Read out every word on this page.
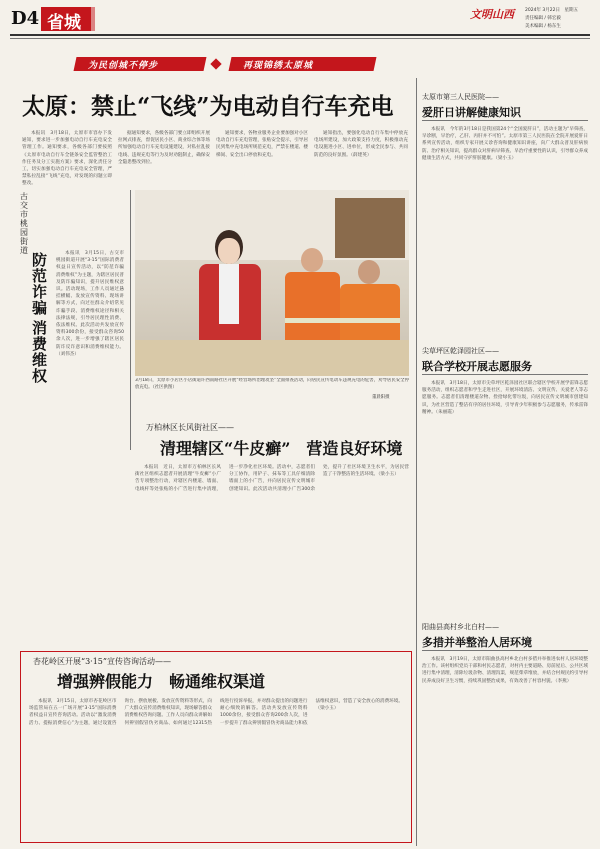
D4 省城	文明山西 2024年 3月22日　星期五
责任编辑 / 韩宏毅
美术编辑 / 杨东生
为民创城不停步	再现锦绣太原城
太原：禁止“飞线”为电动自行车充电

本报讯　3月18日，太原市市容办下发通知，要求进一步加强电动自行车充电安全管理工作。通知要求，各级各部门要按照《太原市电动自行车全链条安全监管整治工作任务及分工实施方案》要求，深化责任分工，切实加强电动自行车充电安全管理，严禁私拉乱接“飞线”充电，对发现的问题立即整改。

据通知要求，各级各部门要立即组织开展拉网式排查，督促居民小区、商业综合体等场所加强电动自行车充电设施建设，对私拉乱接电线、违规充电等行为及时劝阻制止，确保安全隐患整改到位。

通知要求，各物业服务企业要加强对小区电动自行车充电管理，张贴安全提示，引导居民到集中充电场所规范充电，严禁在楼道、楼梯间、安全出口停放和充电。

通知指出，要强化电动自行车集中停放充电场所建设，加大政策支持力度，积极推动充电设施进小区、进单位，形成全民参与、共同防范的良好氛围。（薛建英）

古交市桃园街道
防范诈骗
消费维权

本报讯　3月15日，古交市桃园街道开展“3·15”国际消费者权益日宣传活动，以“防范诈骗 消费维权”为主题，为辖区居民普及防诈骗知识，提升居民维权意识。活动现场，工作人员通过悬挂横幅、发放宣传资料、现场讲解等方式，向过往群众介绍常见诈骗手段、消费维权途径和相关法律法规，引导居民理性消费、依法维权。此次活动共发放宣传资料300余份，接受群众咨询50余人次，进一步增强了辖区居民防诈反诈意识和消费维权能力。（刘伟杰）

3月18日，太原市小店区小店街道许西南路社区开展“经营场所治理攻坚”全面排查活动，向居民宣传电动车违规充电的危害，劝导居民安全停放充电。（社区供图）

董晨阳摄
万柏林区长风街社区——
清理辖区“牛皮癣”　营造良好环境

本报讯　近日，太原市万柏林区长风街社区组织志愿者开展清理“牛皮癣”小广告专项整治行动，对辖区内楼道、墙面、电线杆等处张贴的小广告进行集中清理，进一步净化社区环境。活动中，志愿者们分工协作，用铲子、抹布等工具仔细清除墙面上的小广告，并向居民宣传文明城市创建知识。此次活动共清理小广告300余处，提升了社区环境卫生水平，为居民营造了干净整洁的生活环境。（梁小玉）

杏花岭区开展“3·15”宣传咨询活动——
增强辨假能力　畅通维权渠道

本报讯　3月15日，太原市杏花岭区市场监管局在五一广场开展“3·15”国际消费者权益日宣传咨询活动。活动以“激发消费活力、提振消费信心”为主题，通过设置咨询台、摆放展板、发放宣传资料等形式，向广大群众宣传消费维权知识，现场解答群众消费维权咨询问题。工作人员向群众讲解如何辨别假冒伪劣商品、如何通过12315热线进行投诉举报，并对群众提出的问题进行耐心细致的解答。活动共发放宣传资料1000余份，接受群众咨询200余人次，进一步提升了群众辨别假冒伪劣商品能力和依法维权意识，营造了安全放心的消费环境。（梁小玉）

太原市第三人民医院——
爱肝日讲解健康知识

本报讯　今年的3月18日是我国第24个“全国爱肝日”，活动主题为“早筛查，早诊断，早治疗，乙肝、丙肝并不可怕”。太原市第三人民医院在全院开展爱肝日系列宣传活动，组织专家开展义诊咨询和健康知识讲座，向广大群众普及肝病预防、治疗相关知识，提高群众对肝病早筛查、早治疗重要性的认识，引导群众养成健康生活方式，共同守护肝脏健康。（梁小玉）

尖草坪区乾泽园社区——
联合学校开展志愿服务

本报讯　3月18日，太原市尖草坪区乾泽园社区联合辖区学校开展学雷锋志愿服务活动，组织志愿者和学生走进社区，开展环境清洁、文明宣传、关爱老人等志愿服务。志愿者们清理楼道杂物、捡拾绿化带垃圾，向居民宣传文明城市创建知识，为社区营造了整洁有序的居住环境，引导青少年积极参与志愿服务，传承雷锋精神。（朱丽霞）

阳曲县高村乡北白村——
多措并举整治人居环境

本报讯　3月19日，太原市阳曲县高村乡北白村多措并举推进农村人居环境整治工作。该村组织党员干部和村民志愿者，对村内主要道路、房前屋后、公共区域进行集中清理，清除垃圾杂物、清理沟渠，规范柴草堆放，并结合村规民约引导村民养成良好卫生习惯，持续巩固整治成果，有效改善了村容村貌。（李燕）
